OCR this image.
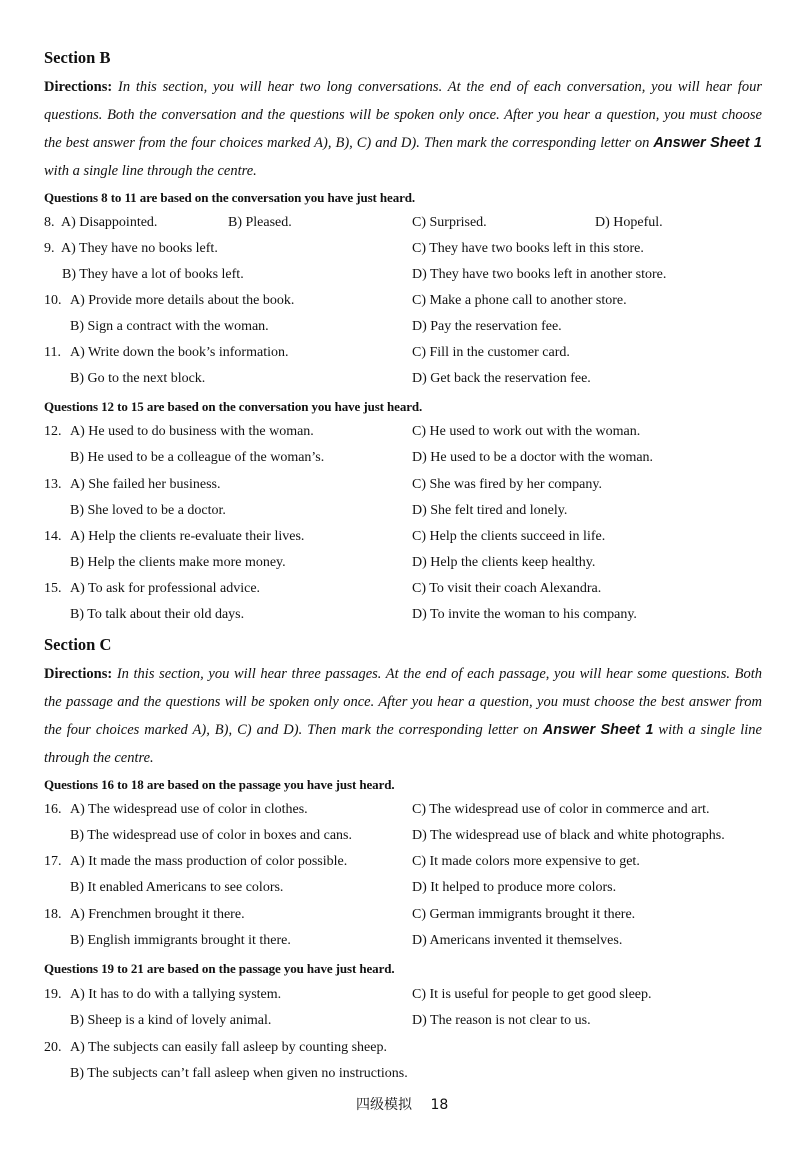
Section B
Directions: In this section, you will hear two long conversations. At the end of each conversation, you will hear four questions. Both the conversation and the questions will be spoken only once. After you hear a question, you must choose the best answer from the four choices marked A), B), C) and D). Then mark the corresponding letter on Answer Sheet 1 with a single line through the centre.
Questions 8 to 11 are based on the conversation you have just heard.
8. A) Disappointed.	B) Pleased.	C) Surprised.	D) Hopeful.
9. A) They have no books left.	C) They have two books left in this store.
B) They have a lot of books left.	D) They have two books left in another store.
10. A) Provide more details about the book.	C) Make a phone call to another store.
B) Sign a contract with the woman.	D) Pay the reservation fee.
11. A) Write down the book’s information.	C) Fill in the customer card.
B) Go to the next block.	D) Get back the reservation fee.
Questions 12 to 15 are based on the conversation you have just heard.
12. A) He used to do business with the woman.	C) He used to work out with the woman.
B) He used to be a colleague of the woman’s.	D) He used to be a doctor with the woman.
13. A) She failed her business.	C) She was fired by her company.
B) She loved to be a doctor.	D) She felt tired and lonely.
14. A) Help the clients re-evaluate their lives.	C) Help the clients succeed in life.
B) Help the clients make more money.	D) Help the clients keep healthy.
15. A) To ask for professional advice.	C) To visit their coach Alexandra.
B) To talk about their old days.	D) To invite the woman to his company.
Section C
Directions: In this section, you will hear three passages. At the end of each passage, you will hear some questions. Both the passage and the questions will be spoken only once. After you hear a question, you must choose the best answer from the four choices marked A), B), C) and D). Then mark the corresponding letter on Answer Sheet 1 with a single line through the centre.
Questions 16 to 18 are based on the passage you have just heard.
16. A) The widespread use of color in clothes.	C) The widespread use of color in commerce and art.
B) The widespread use of color in boxes and cans.	D) The widespread use of black and white photographs.
17. A) It made the mass production of color possible.	C) It made colors more expensive to get.
B) It enabled Americans to see colors.	D) It helped to produce more colors.
18. A) Frenchmen brought it there.	C) German immigrants brought it there.
B) English immigrants brought it there.	D) Americans invented it themselves.
Questions 19 to 21 are based on the passage you have just heard.
19. A) It has to do with a tallying system.	C) It is useful for people to get good sleep.
B) Sheep is a kind of lovely animal.	D) The reason is not clear to us.
20. A) The subjects can easily fall asleep by counting sheep.
B) The subjects can’t fall asleep when given no instructions.
四级模拟 18
